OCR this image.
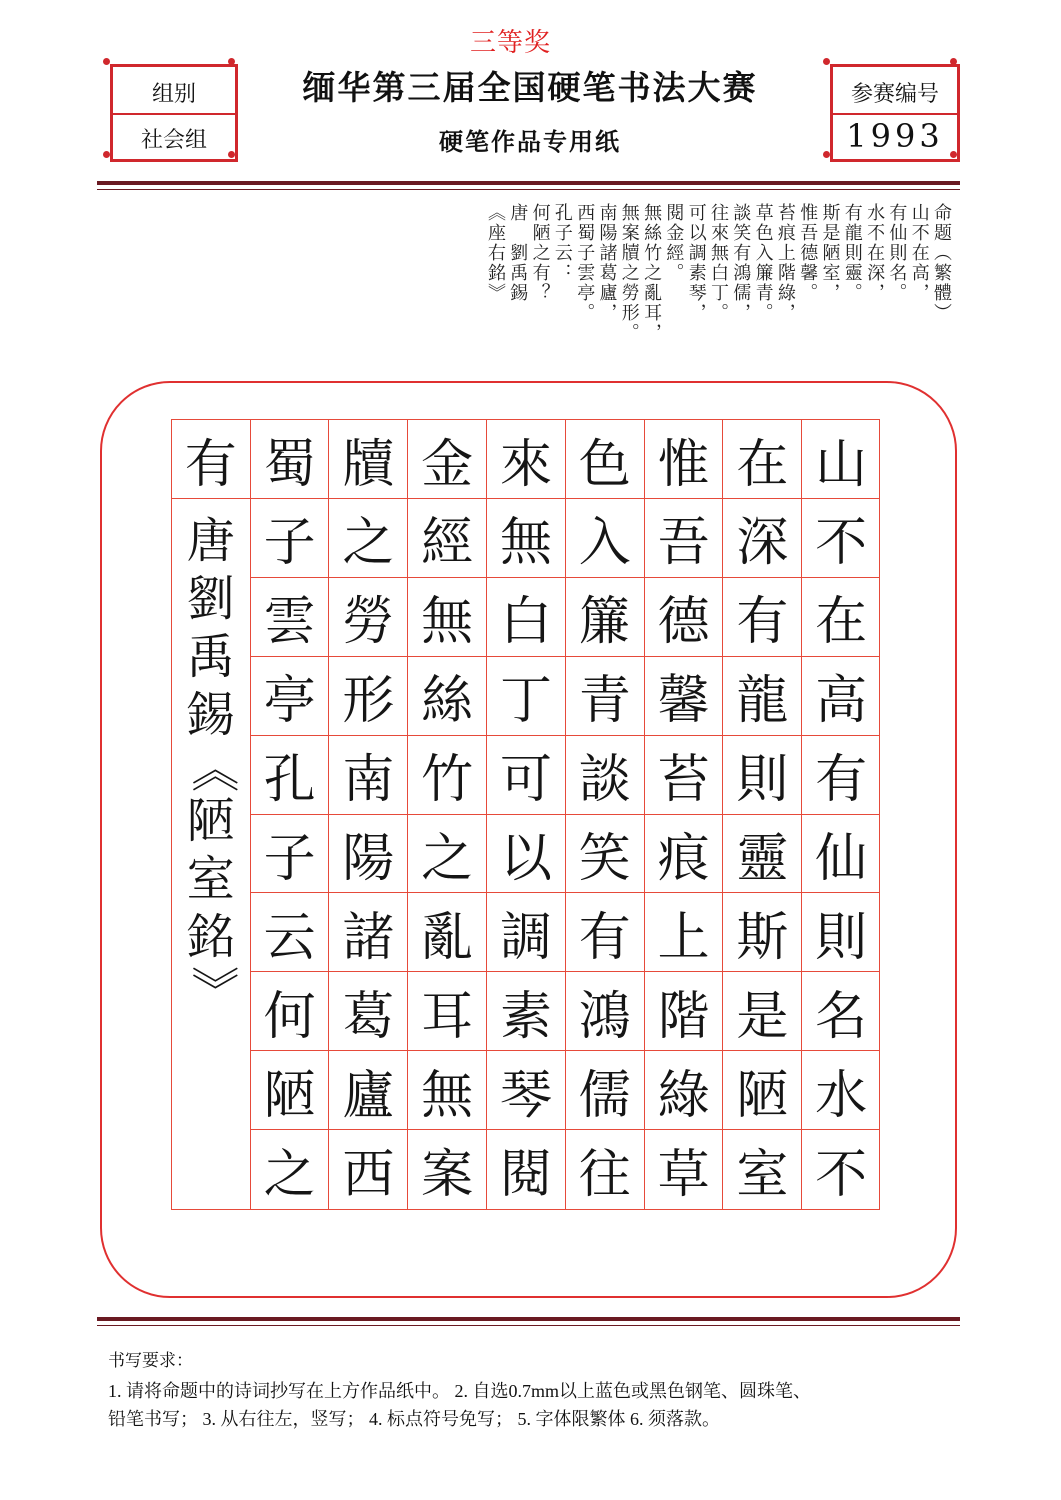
三等奖
组别
社会组
缅华第三届全国硬笔书法大赛
硬笔作品专用纸
参赛编号
1993
命题（繁體）
山不在高，
有仙則名。
水不在深，
有龍則靈。
斯是陋室，
惟吾德馨。
苔痕上階綠，
草色入簾青。
談笑有鴻儒，
往來無白丁。
可以調素琴，
閱金經。
無絲竹之亂耳，
無案牘之勞形。
南陽諸葛廬，
西蜀子雲亭。
孔子云：
何陋之有？
唐　劉禹錫
《座右銘》
山
不
在
高
有
仙
則
名
水
不
在
深
有
龍
則
靈
斯
是
陋
室
惟
吾
德
馨
苔
痕
上
階
綠
草
色
入
簾
青
談
笑
有
鴻
儒
往
來
無
白
丁
可
以
調
素
琴
閱
金
經
無
絲
竹
之
亂
耳
無
案
牘
之
勞
形
南
陽
諸
葛
廬
西
蜀
子
雲
亭
孔
子
云
何
陋
之
有
唐
劉
禹
錫
《
陋
室
銘
》
书写要求：
1. 请将命题中的诗词抄写在上方作品纸中。 2. 自选0.7mm以上蓝色或黑色钢笔、圆珠笔、
铅笔书写； 3. 从右往左，竖写； 4. 标点符号免写； 5. 字体限繁体 6. 须落款。
